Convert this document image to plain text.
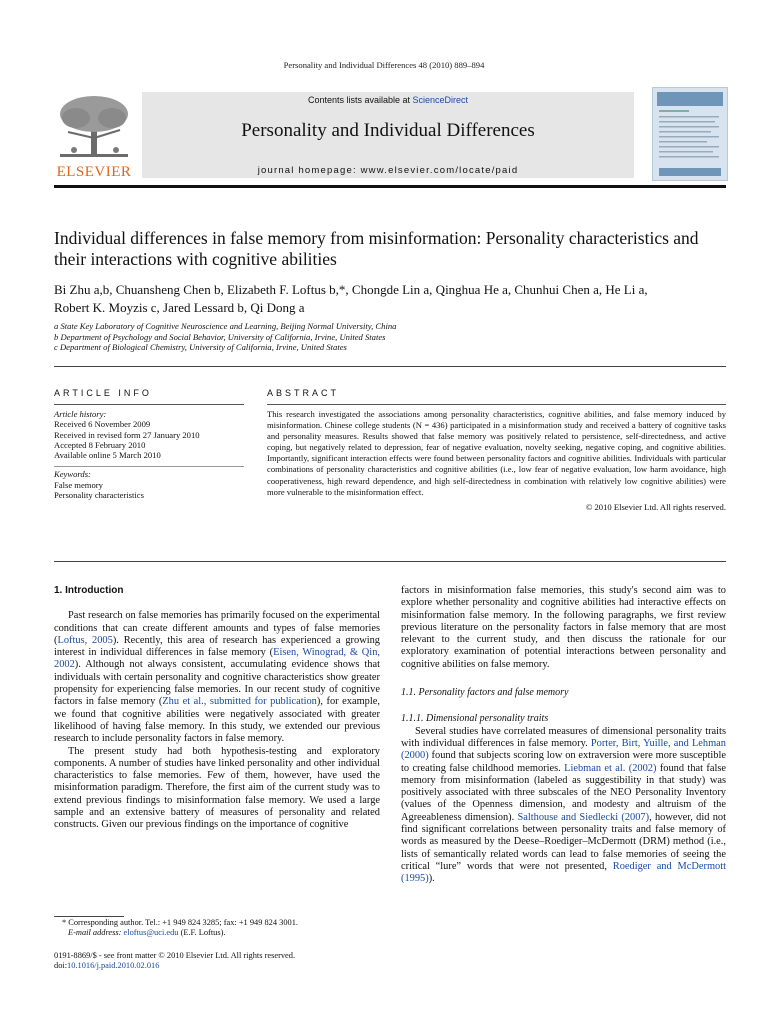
Personality and Individual Differences 48 (2010) 889–894
ELSEVIER
Contents lists available at ScienceDirect
Personality and Individual Differences
journal homepage: www.elsevier.com/locate/paid
Individual differences in false memory from misinformation: Personality characteristics and their interactions with cognitive abilities
Bi Zhu a,b, Chuansheng Chen b, Elizabeth F. Loftus b,*, Chongde Lin a, Qinghua He a, Chunhui Chen a, He Li a,
Robert K. Moyzis c, Jared Lessard b, Qi Dong a
a State Key Laboratory of Cognitive Neuroscience and Learning, Beijing Normal University, China
b Department of Psychology and Social Behavior, University of California, Irvine, United States
c Department of Biological Chemistry, University of California, Irvine, United States
ARTICLE INFO	ABSTRACT
Article history:
Received 6 November 2009
Received in revised form 27 January 2010
Accepted 8 February 2010
Available online 5 March 2010
Keywords:
False memory
Personality characteristics
This research investigated the associations among personality characteristics, cognitive abilities, and false memory induced by misinformation. Chinese college students (N = 436) participated in a misinformation study and received a battery of cognitive tasks and personality measures. Results showed that false memory was positively related to persistence, self-directedness, and active coping, but negatively related to depression, fear of negative evaluation, novelty seeking, negative coping, and cognitive abilities. Importantly, significant interaction effects were found between personality factors and cognitive abilities. Individuals with particular combinations of personality characteristics and cognitive abilities (i.e., low fear of negative evaluation, low harm avoidance, high cooperativeness, high reward dependence, and high self-directedness in combination with relatively low cognitive abilities) were more vulnerable to the misinformation effect.
© 2010 Elsevier Ltd. All rights reserved.
1. Introduction

Past research on false memories has primarily focused on the experimental conditions that can create different amounts and types of false memories (Loftus, 2005). Recently, this area of research has experienced a growing interest in individual differences in false memory (Eisen, Winograd, & Qin, 2002). Although not always consistent, accumulating evidence shows that individuals with certain personality and cognitive characteristics show greater propensity for experiencing false memories. In our recent study of cognitive factors in false memory (Zhu et al., submitted for publication), for example, we found that cognitive abilities were negatively associated with greater likelihood of having false memory. In this study, we extended our previous research to include personality factors in false memory.

The present study had both hypothesis-testing and exploratory components. A number of studies have linked personality and other individual characteristics to false memories. Few of them, however, have used the misinformation paradigm. Therefore, the first aim of the current study was to extend previous findings to misinformation false memory. We used a large sample and an extensive battery of measures of personality and related constructs. Given our previous findings on the importance of cognitive

factors in misinformation false memories, this study's second aim was to explore whether personality and cognitive abilities had interactive effects on misinformation false memory. In the following paragraphs, we first review previous literature on the personality factors in false memory that are most relevant to the current study, and then discuss the rationale for our exploratory examination of potential interactions between personality and cognitive abilities on false memory.

1.1. Personality factors and false memory
1.1.1. Dimensional personality traits

Several studies have correlated measures of dimensional personality traits with individual differences in false memory. Porter, Birt, Yuille, and Lehman (2000) found that subjects scoring low on extraversion were more susceptible to creating false childhood memories. Liebman et al. (2002) found that false memory from misinformation (labeled as suggestibility in that study) was positively associated with three subscales of the NEO Personality Inventory (values of the Openness dimension, and modesty and altruism of the Agreeableness dimension). Salthouse and Siedlecki (2007), however, did not find significant correlations between personality traits and false memory of words as measured by the Deese–Roediger–McDermott (DRM) method (i.e., lists of semantically related words can lead to false memories of seeing the critical “lure” words that were not presented, Roediger and McDermott (1995)).

* Corresponding author. Tel.: +1 949 824 3285; fax: +1 949 824 3001.
E-mail address: eloftus@uci.edu (E.F. Loftus).
0191-8869/$ - see front matter © 2010 Elsevier Ltd. All rights reserved.
doi:10.1016/j.paid.2010.02.016
